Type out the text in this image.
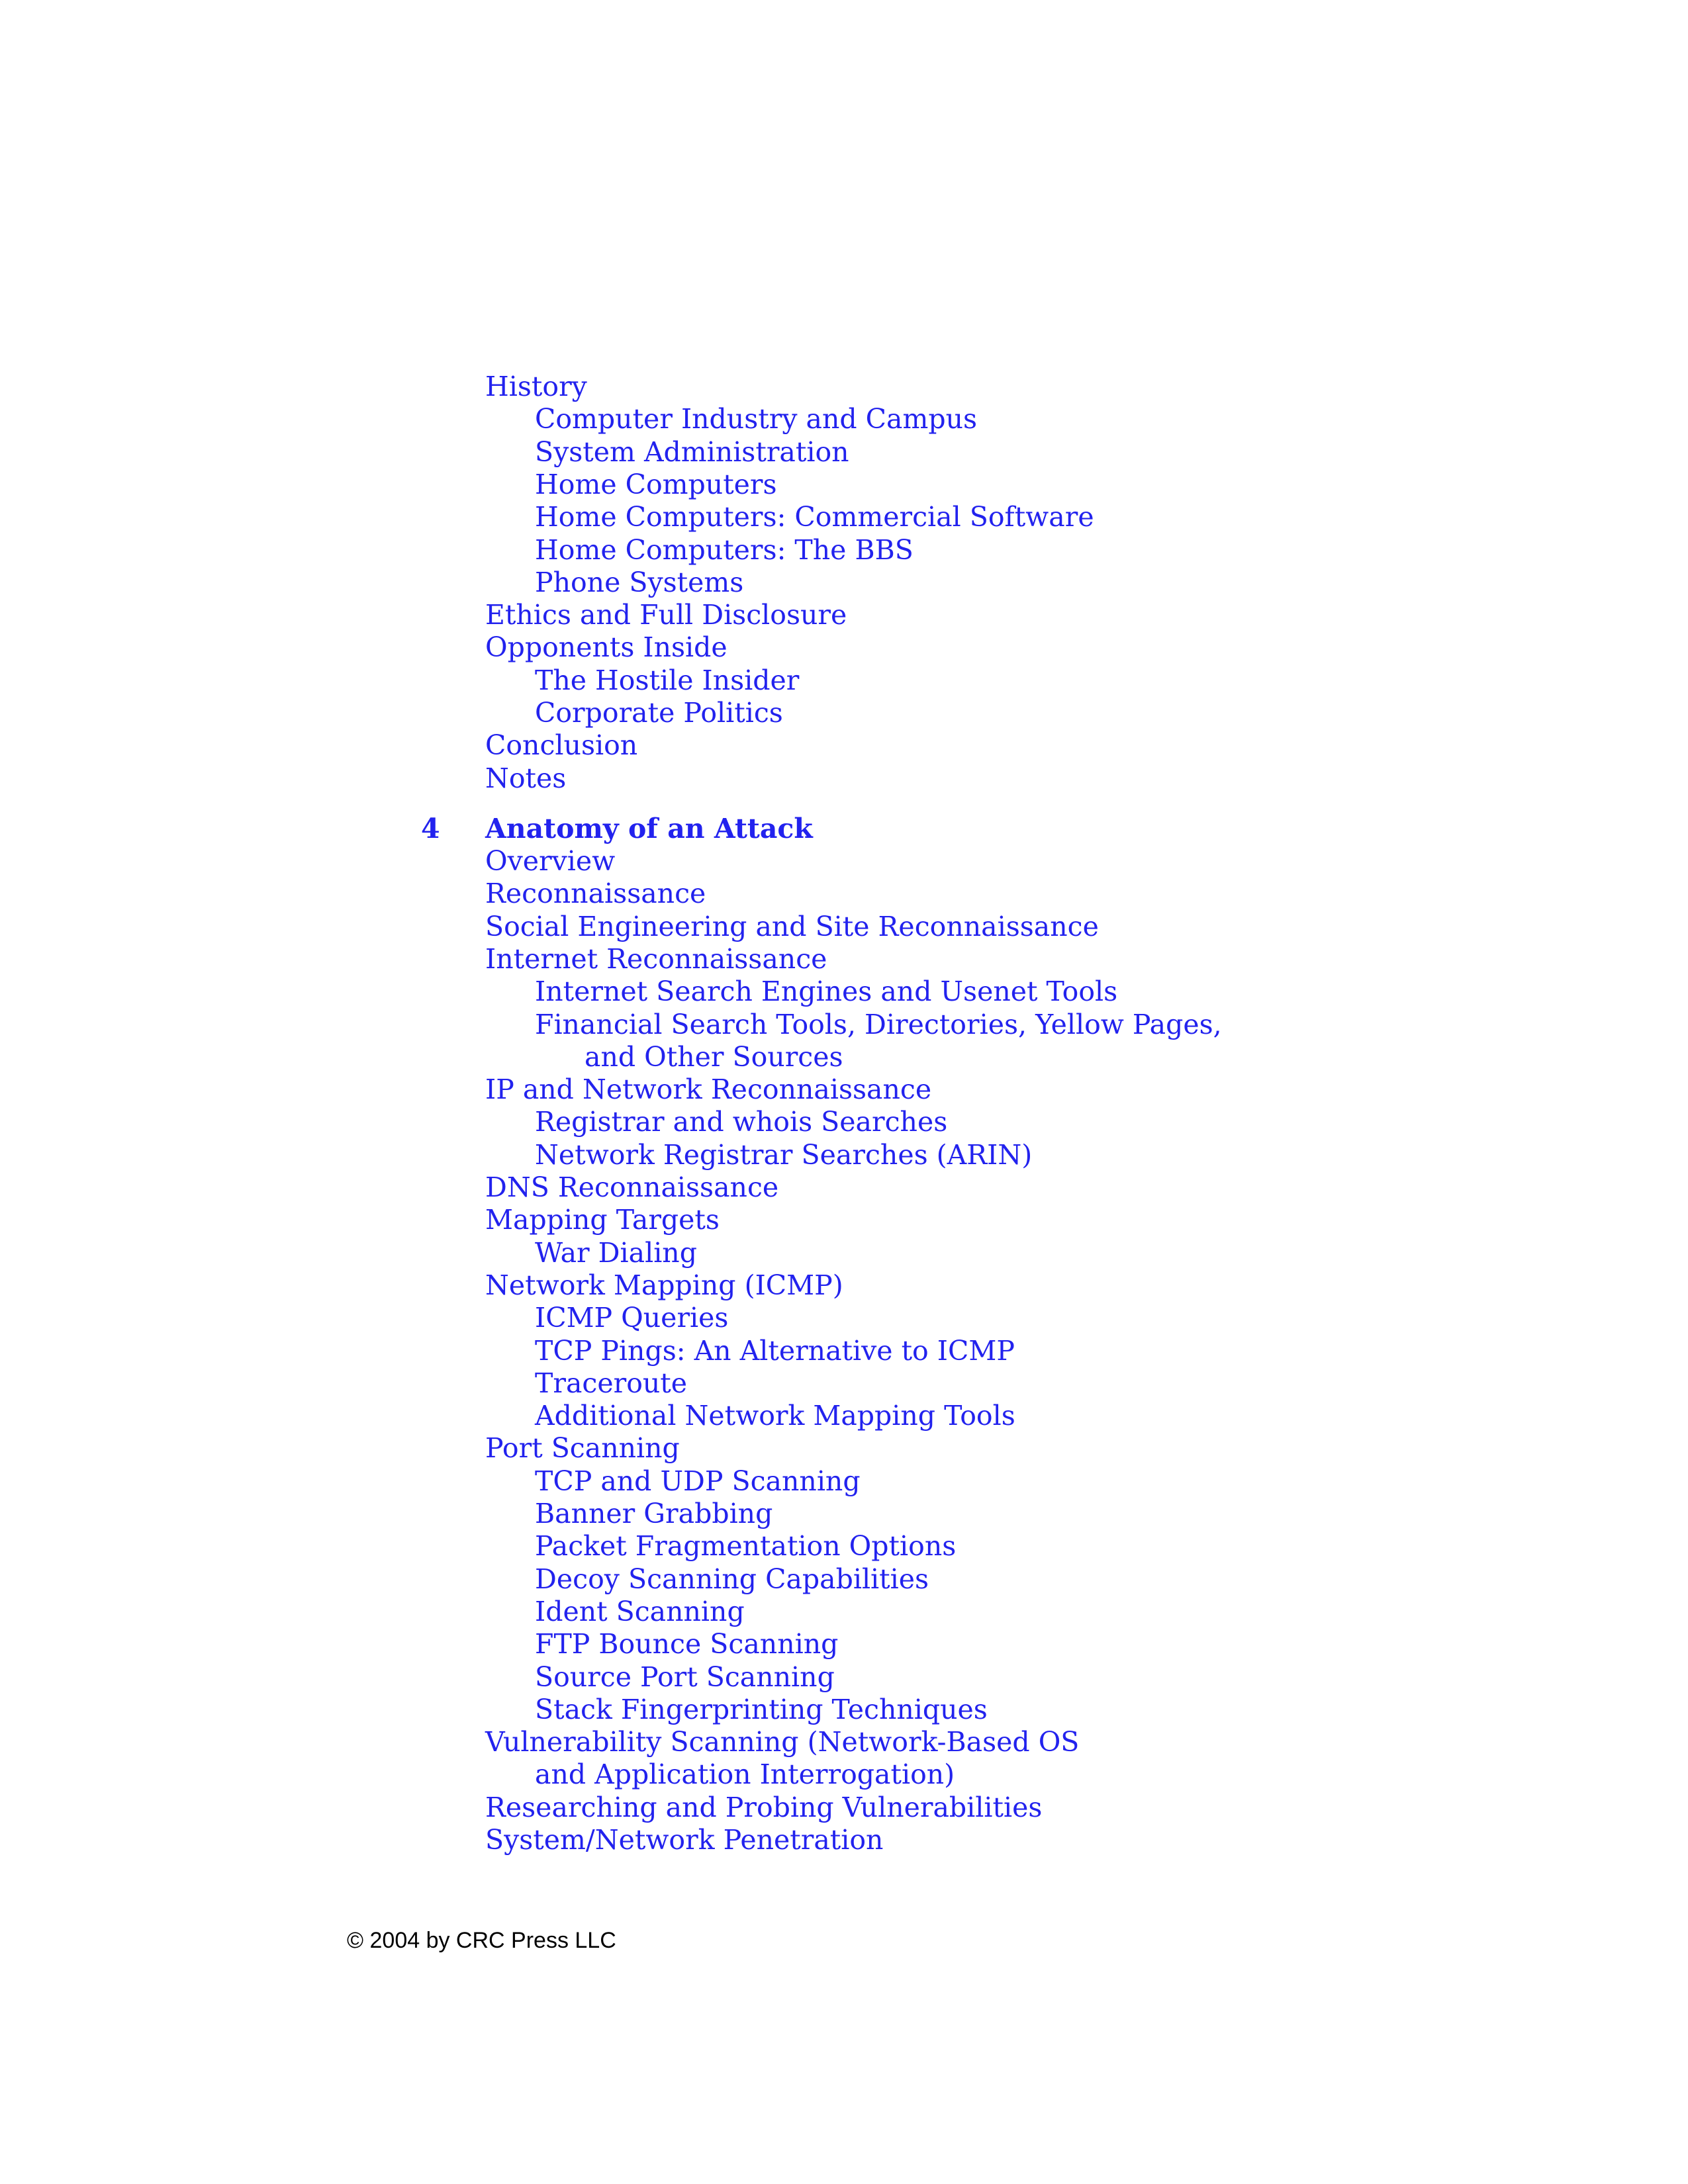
History
Computer Industry and Campus
System Administration
Home Computers
Home Computers: Commercial Software
Home Computers: The BBS
Phone Systems
Ethics and Full Disclosure
Opponents Inside
The Hostile Insider
Corporate Politics
Conclusion
Notes
4 Anatomy of an Attack
Overview
Reconnaissance
Social Engineering and Site Reconnaissance
Internet Reconnaissance
Internet Search Engines and Usenet Tools
Financial Search Tools, Directories, Yellow Pages,
and Other Sources
IP and Network Reconnaissance
Registrar and whois Searches
Network Registrar Searches (ARIN)
DNS Reconnaissance
Mapping Targets
War Dialing
Network Mapping (ICMP)
ICMP Queries
TCP Pings: An Alternative to ICMP
Traceroute
Additional Network Mapping Tools
Port Scanning
TCP and UDP Scanning
Banner Grabbing
Packet Fragmentation Options
Decoy Scanning Capabilities
Ident Scanning
FTP Bounce Scanning
Source Port Scanning
Stack Fingerprinting Techniques
Vulnerability Scanning (Network-Based OS
and Application Interrogation)
Researching and Probing Vulnerabilities
System/Network Penetration
© 2004 by CRC Press LLC
